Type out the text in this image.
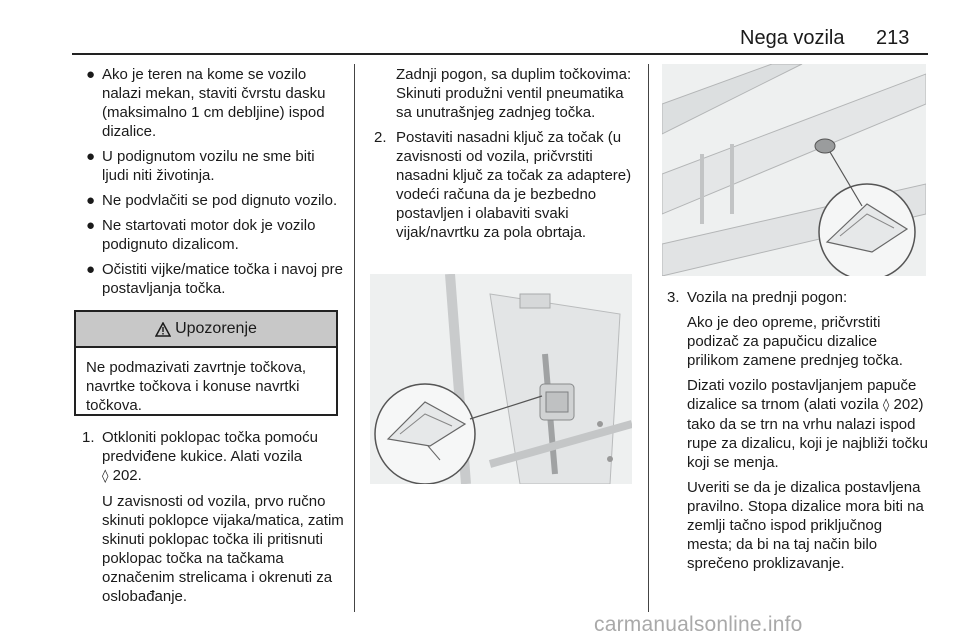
Nega vozila 213
● Ako je teren na kome se vozilo nalazi mekan, staviti čvrstu dasku (maksimalno 1 cm debljine) ispod dizalice.
● U podignutom vozilu ne sme biti ljudi niti životinja.
● Ne podvlačiti se pod dignuto vozilo.
● Ne startovati motor dok je vozilo podignuto dizalicom.
● Očistiti vijke/matice točka i navoj pre postavljanja točka.
Upozorenje
Ne podmazivati zavrtnje točkova, navrtke točkova i konuse navrtki točkova.
1. Otkloniti poklopac točka pomoću predviđene kukice. Alati vozila
◊ 202.

U zavisnosti od vozila, prvo ručno skinuti poklopce vijaka/matica, zatim skinuti poklopac točka ili pritisnuti poklopac točka na tačkama označenim strelicama i okrenuti za oslobađanje.

Zadnji pogon, sa duplim točkovima: Skinuti produžni ventil pneumatika sa unutrašnjeg zadnjeg točka.

2. Postaviti nasadni ključ za točak (u zavisnosti od vozila, pričvrstiti nasadni ključ za točak za adaptere) vodeći računa da je bezbedno postavljen i olabaviti svaki vijak/navrtku za pola obrtaja.
3. Vozila na prednji pogon:

Ako je deo opreme, pričvrstiti podizač za papučicu dizalice prilikom zamene prednjeg točka.

Dizati vozilo postavljanjem papuče dizalice sa trnom (alati vozila ◊ 202) tako da se trn na vrhu nalazi ispod rupe za dizalicu, koji je najbliži točku koji se menja.

Uveriti se da je dizalica postavljena pravilno. Stopa dizalice mora biti na zemlji tačno ispod priključnog mesta; da bi na taj način bilo sprečeno proklizavanje.

carmanualsonline.info
